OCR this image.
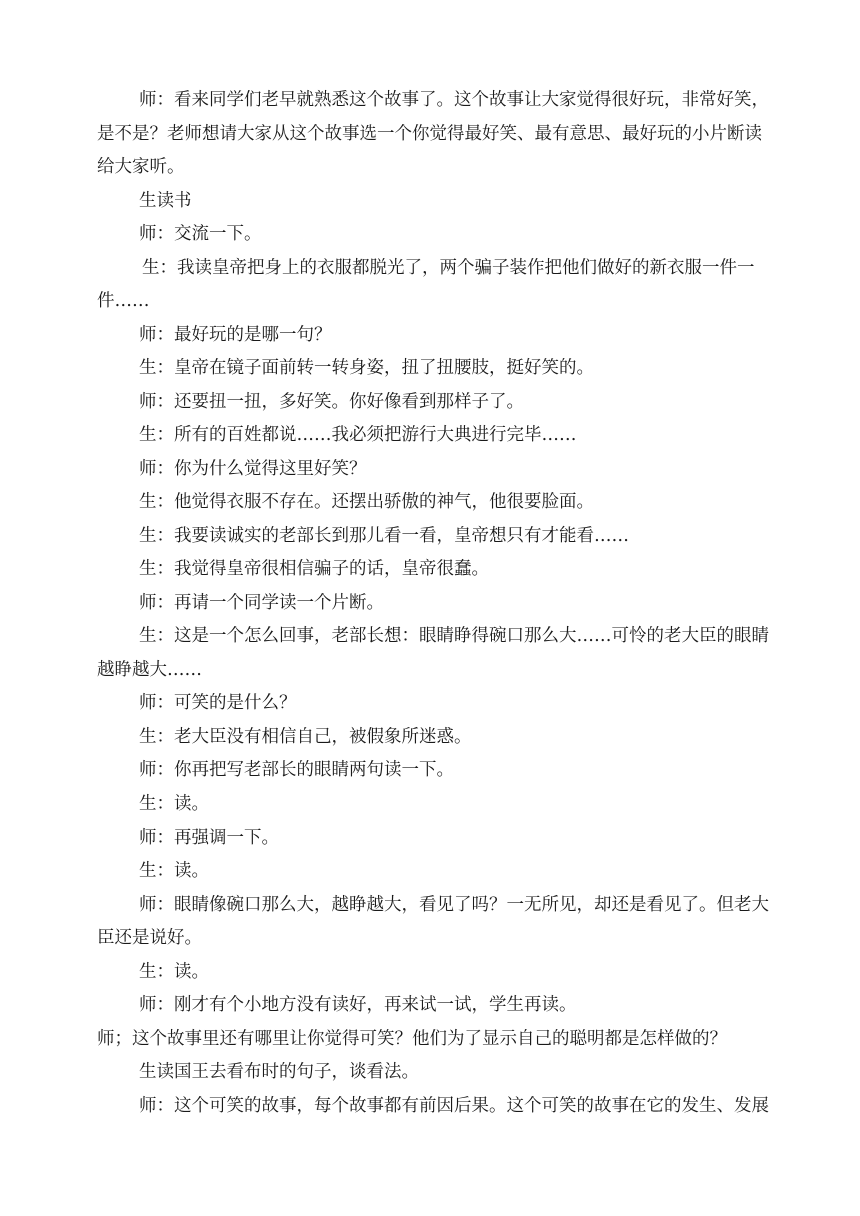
师：看来同学们老早就熟悉这个故事了。这个故事让大家觉得很好玩，非常好笑，
是不是？老师想请大家从这个故事选一个你觉得最好笑、最有意思、最好玩的小片断读
给大家听。
生读书
师：交流一下。
生：我读皇帝把身上的衣服都脱光了，两个骗子装作把他们做好的新衣服一件一
件……
师：最好玩的是哪一句？
生：皇帝在镜子面前转一转身姿，扭了扭腰肢，挺好笑的。
师：还要扭一扭，多好笑。你好像看到那样子了。
生：所有的百姓都说……我必须把游行大典进行完毕……
师：你为什么觉得这里好笑？
生：他觉得衣服不存在。还摆出骄傲的神气，他很要脸面。
生：我要读诚实的老部长到那儿看一看，皇帝想只有才能看……
生：我觉得皇帝很相信骗子的话，皇帝很蠢。
师：再请一个同学读一个片断。
生：这是一个怎么回事，老部长想：眼睛睁得碗口那么大……可怜的老大臣的眼睛
越睁越大……
师：可笑的是什么？
生：老大臣没有相信自己，被假象所迷惑。
师：你再把写老部长的眼睛两句读一下。
生：读。
师：再强调一下。
生：读。
师：眼睛像碗口那么大，越睁越大，看见了吗？一无所见，却还是看见了。但老大
臣还是说好。
生：读。
师：刚才有个小地方没有读好，再来试一试，学生再读。
师；这个故事里还有哪里让你觉得可笑？他们为了显示自己的聪明都是怎样做的？
生读国王去看布时的句子，谈看法。
师：这个可笑的故事，每个故事都有前因后果。这个可笑的故事在它的发生、发展
